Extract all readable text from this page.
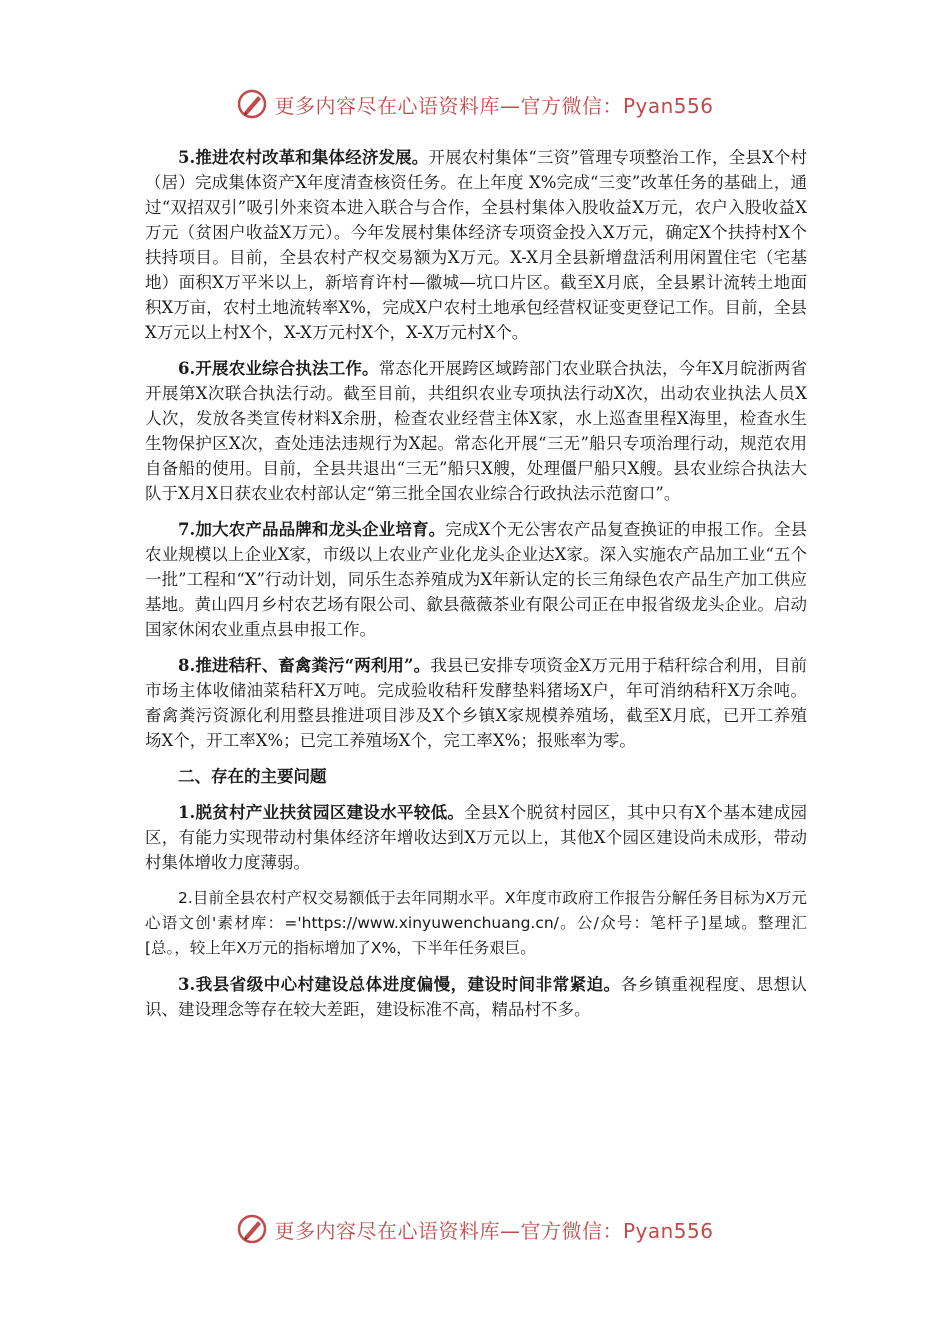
更多内容尽在心语资料库—官方微信：Pyan556

5.推进农村改革和集体经济发展。开展农村集体“三资”管理专项整治工作，全县X个村（居）完成集体资产X年度清查核资任务。在上年度 X%完成“三变”改革任务的基础上，通过“双招双引”吸引外来资本进入联合与合作，全县村集体入股收益X万元，农户入股收益X万元（贫困户收益X万元）。今年发展村集体经济专项资金投入X万元，确定X个扶持村X个扶持项目。目前，全县农村产权交易额为X万元。X-X月全县新增盘活利用闲置住宅（宅基地）面积X万平米以上，新培育许村—徽城—坑口片区。截至X月底，全县累计流转土地面积X万亩，农村土地流转率X%，完成X户农村土地承包经营权证变更登记工作。目前，全县X万元以上村X个，X-X万元村X个，X-X万元村X个。

6.开展农业综合执法工作。常态化开展跨区域跨部门农业联合执法，今年X月皖浙两省开展第X次联合执法行动。截至目前，共组织农业专项执法行动X次，出动农业执法人员X人次，发放各类宣传材料X余册，检查农业经营主体X家，水上巡查里程X海里，检查水生生物保护区X次，查处违法违规行为X起。常态化开展“三无”船只专项治理行动，规范农用自备船的使用。目前，全县共退出“三无”船只X艘，处理僵尸船只X艘。县农业综合执法大队于X月X日获农业农村部认定“第三批全国农业综合行政执法示范窗口”。

7.加大农产品品牌和龙头企业培育。完成X个无公害农产品复查换证的申报工作。全县农业规模以上企业X家，市级以上农业产业化龙头企业达X家。深入实施农产品加工业“五个一批”工程和“X”行动计划，同乐生态养殖成为X年新认定的长三角绿色农产品生产加工供应基地。黄山四月乡村农艺场有限公司、歙县薇薇茶业有限公司正在申报省级龙头企业。启动国家休闲农业重点县申报工作。

8.推进秸秆、畜禽粪污“两利用”。我县已安排专项资金X万元用于秸秆综合利用，目前市场主体收储油菜秸秆X万吨。完成验收秸秆发酵垫料猪场X户，年可消纳秸秆X万余吨。畜禽粪污资源化利用整县推进项目涉及X个乡镇X家规模养殖场，截至X月底，已开工养殖场X个，开工率X%；已完工养殖场X个，完工率X%；报账率为零。

二、存在的主要问题

1.脱贫村产业扶贫园区建设水平较低。全县X个脱贫村园区，其中只有X个基本建成园区，有能力实现带动村集体经济年增收达到X万元以上，其他X个园区建设尚未成形，带动村集体增收力度薄弱。

2.目前全县农村产权交易额低于去年同期水平。X年度市政府工作报告分解任务目标为X万元心语文创'素材库：='https://www.xinyuwenchuang.cn/。公/众号：笔杆子]星域。整理汇[总。，较上年X万元的指标增加了X%，下半年任务艰巨。

3.我县省级中心村建设总体进度偏慢，建设时间非常紧迫。各乡镇重视程度、思想认识、建设理念等存在较大差距，建设标准不高，精品村不多。

更多内容尽在心语资料库—官方微信：Pyan556
